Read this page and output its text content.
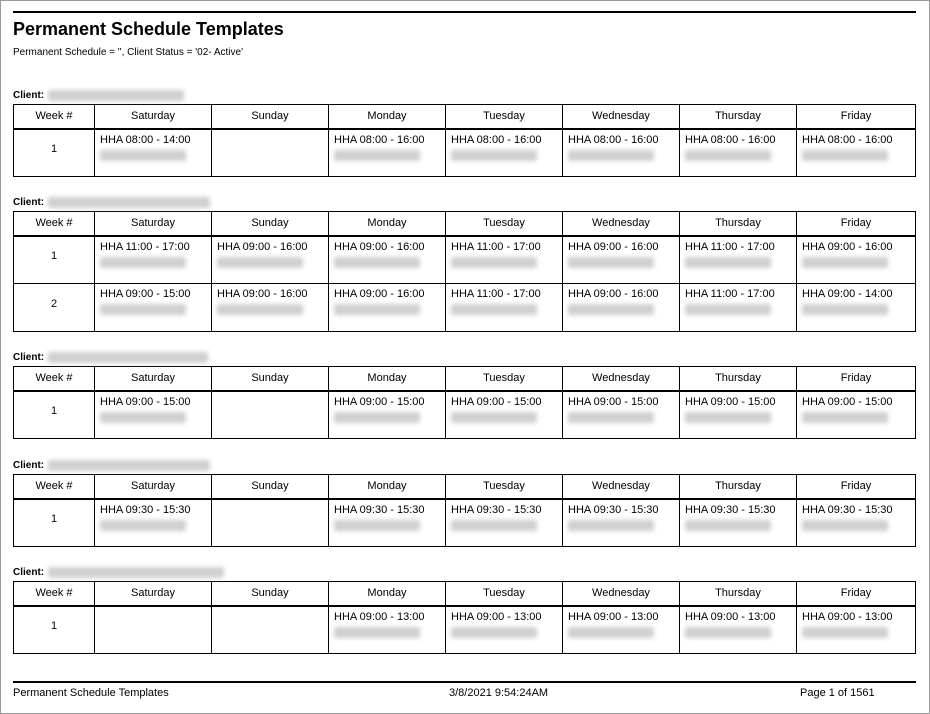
Permanent Schedule Templates
Permanent Schedule = '', Client Status = '02- Active'
Client:
Week #	Saturday	Sunday	Monday	Tuesday	Wednesday	Thursday	Friday
1	HHA 08:00 - 14:00		HHA 08:00 - 16:00	HHA 08:00 - 16:00	HHA 08:00 - 16:00	HHA 08:00 - 16:00	HHA 08:00 - 16:00
Client:
Week #	Saturday	Sunday	Monday	Tuesday	Wednesday	Thursday	Friday
1	HHA 11:00 - 17:00	HHA 09:00 - 16:00	HHA 09:00 - 16:00	HHA 11:00 - 17:00	HHA 09:00 - 16:00	HHA 11:00 - 17:00	HHA 09:00 - 16:00

2	HHA 09:00 - 15:00	HHA 09:00 - 16:00	HHA 09:00 - 16:00	HHA 11:00 - 17:00	HHA 09:00 - 16:00	HHA 11:00 - 17:00	HHA 09:00 - 14:00
Client:
Week #	Saturday	Sunday	Monday	Tuesday	Wednesday	Thursday	Friday
1	HHA 09:00 - 15:00		HHA 09:00 - 15:00	HHA 09:00 - 15:00	HHA 09:00 - 15:00	HHA 09:00 - 15:00	HHA 09:00 - 15:00
Client:
Week #	Saturday	Sunday	Monday	Tuesday	Wednesday	Thursday	Friday
1	HHA 09:30 - 15:30		HHA 09:30 - 15:30	HHA 09:30 - 15:30	HHA 09:30 - 15:30	HHA 09:30 - 15:30	HHA 09:30 - 15:30
Client:
Week #	Saturday	Sunday	Monday	Tuesday	Wednesday	Thursday	Friday
1			HHA 09:00 - 13:00	HHA 09:00 - 13:00	HHA 09:00 - 13:00	HHA 09:00 - 13:00	HHA 09:00 - 13:00
Permanent Schedule Templates	3/8/2021 9:54:24AM	Page 1 of 1561
